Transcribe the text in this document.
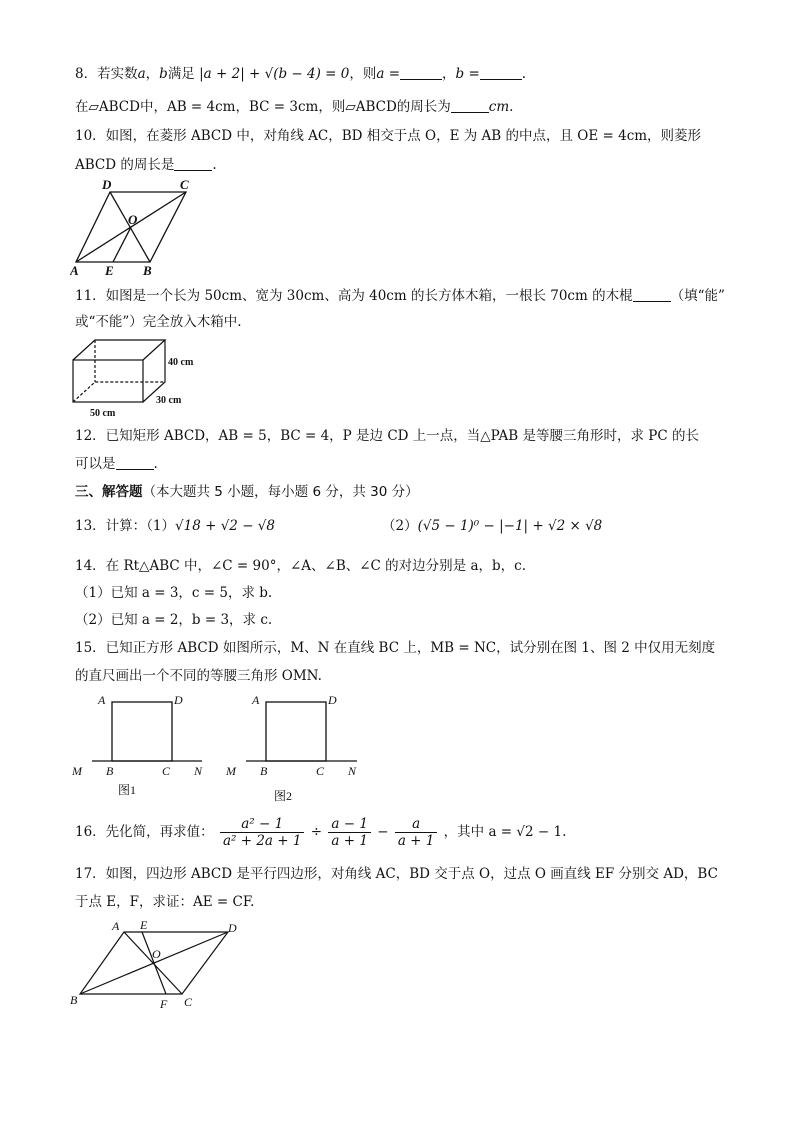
8．若实数a，b满足 |a + 2| + √(b − 4) = 0，则a =	，b =	.
在▱ABCD中，AB = 4cm，BC = 3cm，则▱ABCD的周长为	cm.
10．如图，在菱形 ABCD 中，对角线 AC，BD 相交于点 O，E 为 AB 的中点，且 OE = 4cm，则菱形
ABCD 的周长是	.
D	C
O
A E B
11．如图是一个长为 50cm、宽为 30cm、高为 40cm 的长方体木箱，一根长 70cm 的木棍	（填“能”
或“不能”）完全放入木箱中.
40 cm
30 cm
50 cm
12．已知矩形 ABCD，AB = 5，BC = 4，P 是边 CD 上一点，当△PAB 是等腰三角形时，求 PC 的长
可以是	.
三、解答题（本大题共 5 小题，每小题 6 分，共 30 分）
13．计算：（1）√18 + √2 − √8	（2）(√5 − 1)⁰ − |−1| + √2 × √8
14．在 Rt△ABC 中，∠C = 90°，∠A、∠B、∠C 的对边分别是 a，b，c.
（1）已知 a = 3，c = 5，求 b.
（2）已知 a = 2，b = 3，求 c.
15．已知正方形 ABCD 如图所示，M、N 在直线 BC 上，MB = NC，试分别在图 1、图 2 中仅用无刻度
的直尺画出一个不同的等腰三角形 OMN.
A	D
M B	C N
A	D
M B	C N
图1	图2
16．先化简，再求值： $\frac{\text{a² − 1}}{\text{a² + 2a + 1}} \div \frac{a - 1}{a + 1} - \frac{a}{a + 1}$ ，其中 a = √2 − 1.
17．如图，四边形 ABCD 是平行四边形，对角线 AC，BD 交于点 O，过点 O 画直线 EF 分别交 AD，BC
于点 E，F，求证：AE = CF.
A E	D
O
B	F C
